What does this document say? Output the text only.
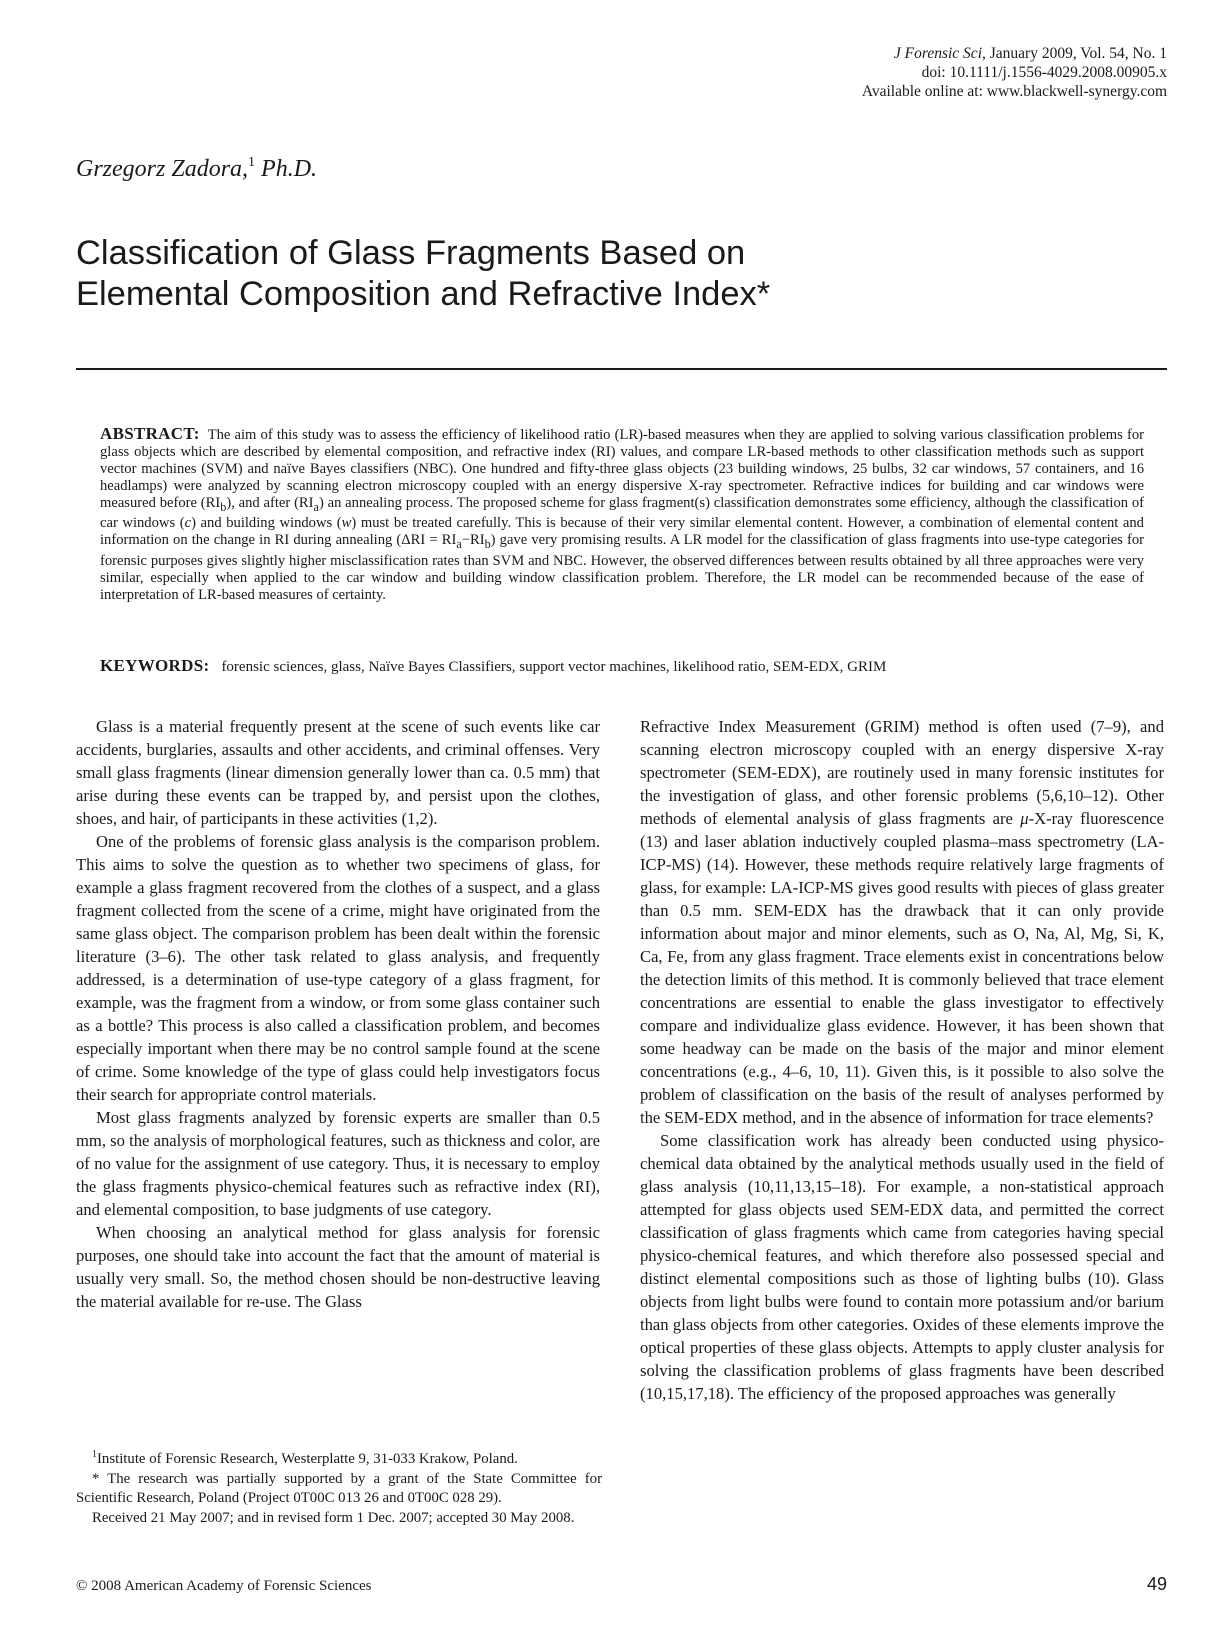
J Forensic Sci, January 2009, Vol. 54, No. 1
doi: 10.1111/j.1556-4029.2008.00905.x
Available online at: www.blackwell-synergy.com
Grzegorz Zadora,$^1$ Ph.D.
Classification of Glass Fragments Based on
Elemental Composition and Refractive Index*

ABSTRACT: The aim of this study was to assess the efficiency of likelihood ratio (LR)-based measures when they are applied to solving various classification problems for glass objects which are described by elemental composition, and refractive index (RI) values, and compare LR-based methods to other classification methods such as support vector machines (SVM) and naïve Bayes classifiers (NBC). One hundred and fifty-three glass objects (23 building windows, 25 bulbs, 32 car windows, 57 containers, and 16 headlamps) were analyzed by scanning electron microscopy coupled with an energy dispersive X-ray spectrometer. Refractive indices for building and car windows were measured before $(RI_b)$, and after $(RI_a)$ an annealing process. The proposed scheme for glass fragment(s) classification demonstrates some efficiency, although the classification of car windows (c) and building windows (w) must be treated carefully. This is because of their very similar elemental content. However, a combination of elemental content and information on the change in RI during annealing $(\Delta RI = RI_a-RI_b)$ gave very promising results. A LR model for the classification of glass fragments into use-type categories for forensic purposes gives slightly higher misclassification rates than SVM and NBC. However, the observed differences between results obtained by all three approaches were very similar, especially when applied to the car window and building window classification problem. Therefore, the LR model can be recommended because of the ease of interpretation of LR-based measures of certainty.

KEYWORDS: forensic sciences, glass, Naïve Bayes Classifiers, support vector machines, likelihood ratio, SEM-EDX, GRIM

Glass is a material frequently present at the scene of such events like car accidents, burglaries, assaults and other accidents, and criminal offenses. Very small glass fragments (linear dimension generally lower than ca. 0.5 mm) that arise during these events can be trapped by, and persist upon the clothes, shoes, and hair, of participants in these activities (1,2).

One of the problems of forensic glass analysis is the comparison problem. This aims to solve the question as to whether two specimens of glass, for example a glass fragment recovered from the clothes of a suspect, and a glass fragment collected from the scene of a crime, might have originated from the same glass object. The comparison problem has been dealt within the forensic literature (3–6). The other task related to glass analysis, and frequently addressed, is a determination of use-type category of a glass fragment, for example, was the fragment from a window, or from some glass container such as a bottle? This process is also called a classification problem, and becomes especially important when there may be no control sample found at the scene of crime. Some knowledge of the type of glass could help investigators focus their search for appropriate control materials.

Most glass fragments analyzed by forensic experts are smaller than 0.5 mm, so the analysis of morphological features, such as thickness and color, are of no value for the assignment of use category. Thus, it is necessary to employ the glass fragments physico-chemical features such as refractive index (RI), and elemental composition, to base judgments of use category.

When choosing an analytical method for glass analysis for forensic purposes, one should take into account the fact that the amount of material is usually very small. So, the method chosen should be non-destructive leaving the material available for re-use. The Glass

Refractive Index Measurement (GRIM) method is often used (7–9), and scanning electron microscopy coupled with an energy dispersive X-ray spectrometer (SEM-EDX), are routinely used in many forensic institutes for the investigation of glass, and other forensic problems (5,6,10–12). Other methods of elemental analysis of glass fragments are μ-X-ray fluorescence (13) and laser ablation inductively coupled plasma–mass spectrometry (LA-ICP-MS) (14). However, these methods require relatively large fragments of glass, for example: LA-ICP-MS gives good results with pieces of glass greater than 0.5 mm. SEM-EDX has the drawback that it can only provide information about major and minor elements, such as O, Na, Al, Mg, Si, K, Ca, Fe, from any glass fragment. Trace elements exist in concentrations below the detection limits of this method. It is commonly believed that trace element concentrations are essential to enable the glass investigator to effectively compare and individualize glass evidence. However, it has been shown that some headway can be made on the basis of the major and minor element concentrations (e.g., 4–6, 10, 11). Given this, is it possible to also solve the problem of classification on the basis of the result of analyses performed by the SEM-EDX method, and in the absence of information for trace elements?

Some classification work has already been conducted using physico-chemical data obtained by the analytical methods usually used in the field of glass analysis (10,11,13,15–18). For example, a non-statistical approach attempted for glass objects used SEM-EDX data, and permitted the correct classification of glass fragments which came from categories having special physico-chemical features, and which therefore also possessed special and distinct elemental compositions such as those of lighting bulbs (10). Glass objects from light bulbs were found to contain more potassium and/or barium than glass objects from other categories. Oxides of these elements improve the optical properties of these glass objects. Attempts to apply cluster analysis for solving the classification problems of glass fragments have been described (10,15,17,18). The efficiency of the proposed approaches was generally

$^1$Institute of Forensic Research, Westerplatte 9, 31-033 Krakow, Poland.

* The research was partially supported by a grant of the State Committee for Scientific Research, Poland (Project 0T00C 013 26 and 0T00C 028 29).

Received 21 May 2007; and in revised form 1 Dec. 2007; accepted 30 May 2008.

© 2008 American Academy of Forensic Sciences	49
